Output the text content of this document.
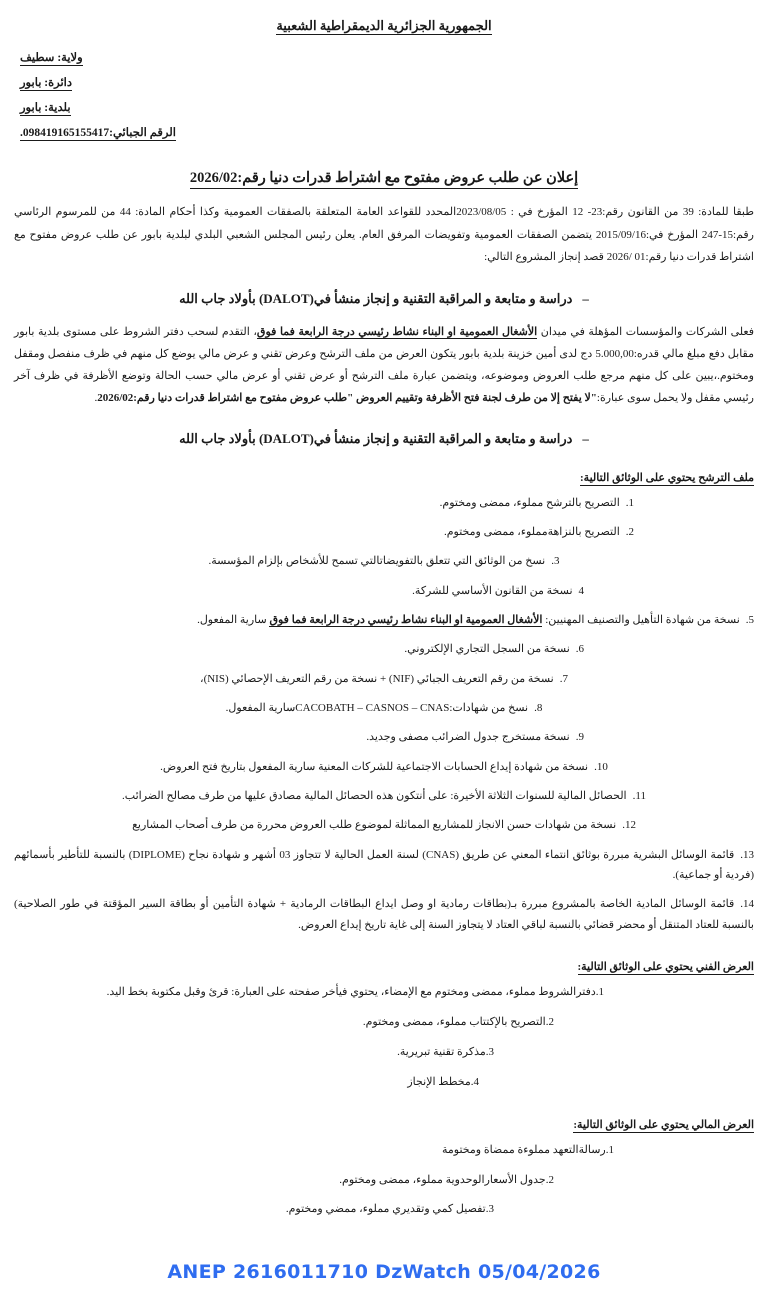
الجمهورية الجزائرية الديمقراطية الشعبية
ولاية: سطيف
دائرة: بابور
بلدية: بابور
الرقم الجبائي:098419165155417.
إعلان عن طلب عروض مفتوح مع اشتراط قدرات دنيا رقم:2026/02
طبقا للمادة: 39 من القانون رقم:23- 12 المؤرخ في : 2023/08/05المحدد للقواعد العامة المتعلقة بالصفقات العمومية وكذا أحكام المادة: 44 من للمرسوم الرئاسي رقم:15-247 المؤرخ في:2015/09/16 يتضمن الصفقات العمومية وتفويضات المرفق العام. يعلن رئيس المجلس الشعبي البلدي لبلدية بابور عن طلب عروض مفتوح مع اشتراط قدرات دنيا رقم:01 /2026 قصد إنجاز المشروع التالي:
–دراسة و متابعة و المراقبة التقنية و إنجاز منشأ في(DALOT) بأولاد جاب الله
فعلى الشركات والمؤسسات المؤهلة في ميدان الأشغال العمومية او البناء نشاط رئيسي درجة الرابعة فما فوق، التقدم لسحب دفتر الشروط على مستوى بلدية بابور مقابل دفع مبلغ مالي قدره:5.000,00 دج لدى أمين خزينة بلدية بابور يتكون العرض من ملف الترشح وعرض تقني و عرض مالي يوضع كل منهم في ظرف منفصل ومقفل ومختوم.،يبين على كل منهم مرجع طلب العروض وموضوعه، ويتضمن عبارة ملف الترشح أو عرض تقني أو عرض مالي حسب الحالة وتوضع الأظرفة في ظرف آخر رئيسي مقفل ولا يحمل سوى عبارة:"لا يفتح إلا من طرف لجنة فتح الأظرفة وتقييم العروض "طلب عروض مفتوح مع اشتراط قدرات دنيا رقم:2026/02.
–دراسة و متابعة و المراقبة التقنية و إنجاز منشأ في(DALOT) بأولاد جاب الله
ملف الترشح يحتوي على الوثائق التالية:
1.التصريح بالترشح مملوء، ممضى ومختوم.
2.التصريح بالنزاهةمملوء، ممضى ومختوم.
3.نسخ من الوثائق التي تتعلق بالتفويضاتالتي تسمح للأشخاص بإلزام المؤسسة.
4نسخة من القانون الأساسي للشركة.
5.نسخة من شهادة التأهيل والتصنيف المهنيين: الأشغال العمومية او البناء نشاط رئيسي درجة الرابعة فما فوق سارية المفعول.
6.نسخة من السجل التجاري الإلكتروني.
7.نسخة من رقم التعريف الجبائي (NIF) + نسخة من رقم التعريف الإحصائي (NIS)،
8.نسخ من شهادات:CACOBATH – CASNOS – CNASسارية المفعول.
9.نسخة مستخرج جدول الضرائب مصفى وجديد.
10.نسخة من شهادة إيداع الحسابات الاجتماعية للشركات المعنية سارية المفعول بتاريخ فتح العروض.
11.الحصائل المالية للسنوات الثلاثة الأخيرة: على أنتكون هذه الحصائل المالية مصادق عليها من طرف مصالح الضرائب.
12.نسخة من شهادات حسن الانجاز للمشاريع المماثلة لموضوع طلب العروض محررة من طرف أصحاب المشاريع
13.قائمة الوسائل البشرية مبررة بوثائق انتماء المعني عن طريق (CNAS) لسنة العمل الحالية لا تتجاوز 03 أشهر و شهادة نجاح (DIPLOME) بالنسبة للتأطير بأسمائهم (فردية أو جماعية).
14.قائمة الوسائل المادية الخاصة بالمشروع مبررة بـ(بطاقات رمادية او وصل ايداع البطاقات الرمادية + شهادة التأمين أو بطاقة السير المؤقتة في طور الصلاحية) بالنسبة للعتاد المتنقل أو محضر قضائي بالنسبة لباقي العتاد لا يتجاوز السنة إلى غاية تاريخ إيداع العروض.
العرض الفني يحتوي على الوثائق التالية:
1.دفترالشروط مملوء، ممضى ومختوم مع الإمضاء، يحتوي فيأخر صفحته على العبارة: قرئ وقبل مكتوبة بخط اليد.
2.التصريح بالإكتتاب مملوء، ممضى ومختوم.
3.مذكرة تقنية تبريرية.
4.مخطط الإنجاز
العرض المالي يحتوي على الوثائق التالية:
1.رسالةالتعهد مملوءة ممضاة ومختومة
2.جدول الأسعارالوحدوية مملوء، ممضى ومختوم.
3.تفصيل كمي وتقديري مملوء، ممضي ومختوم.
ANEP 2616011710 DzWatch 05/04/2026
